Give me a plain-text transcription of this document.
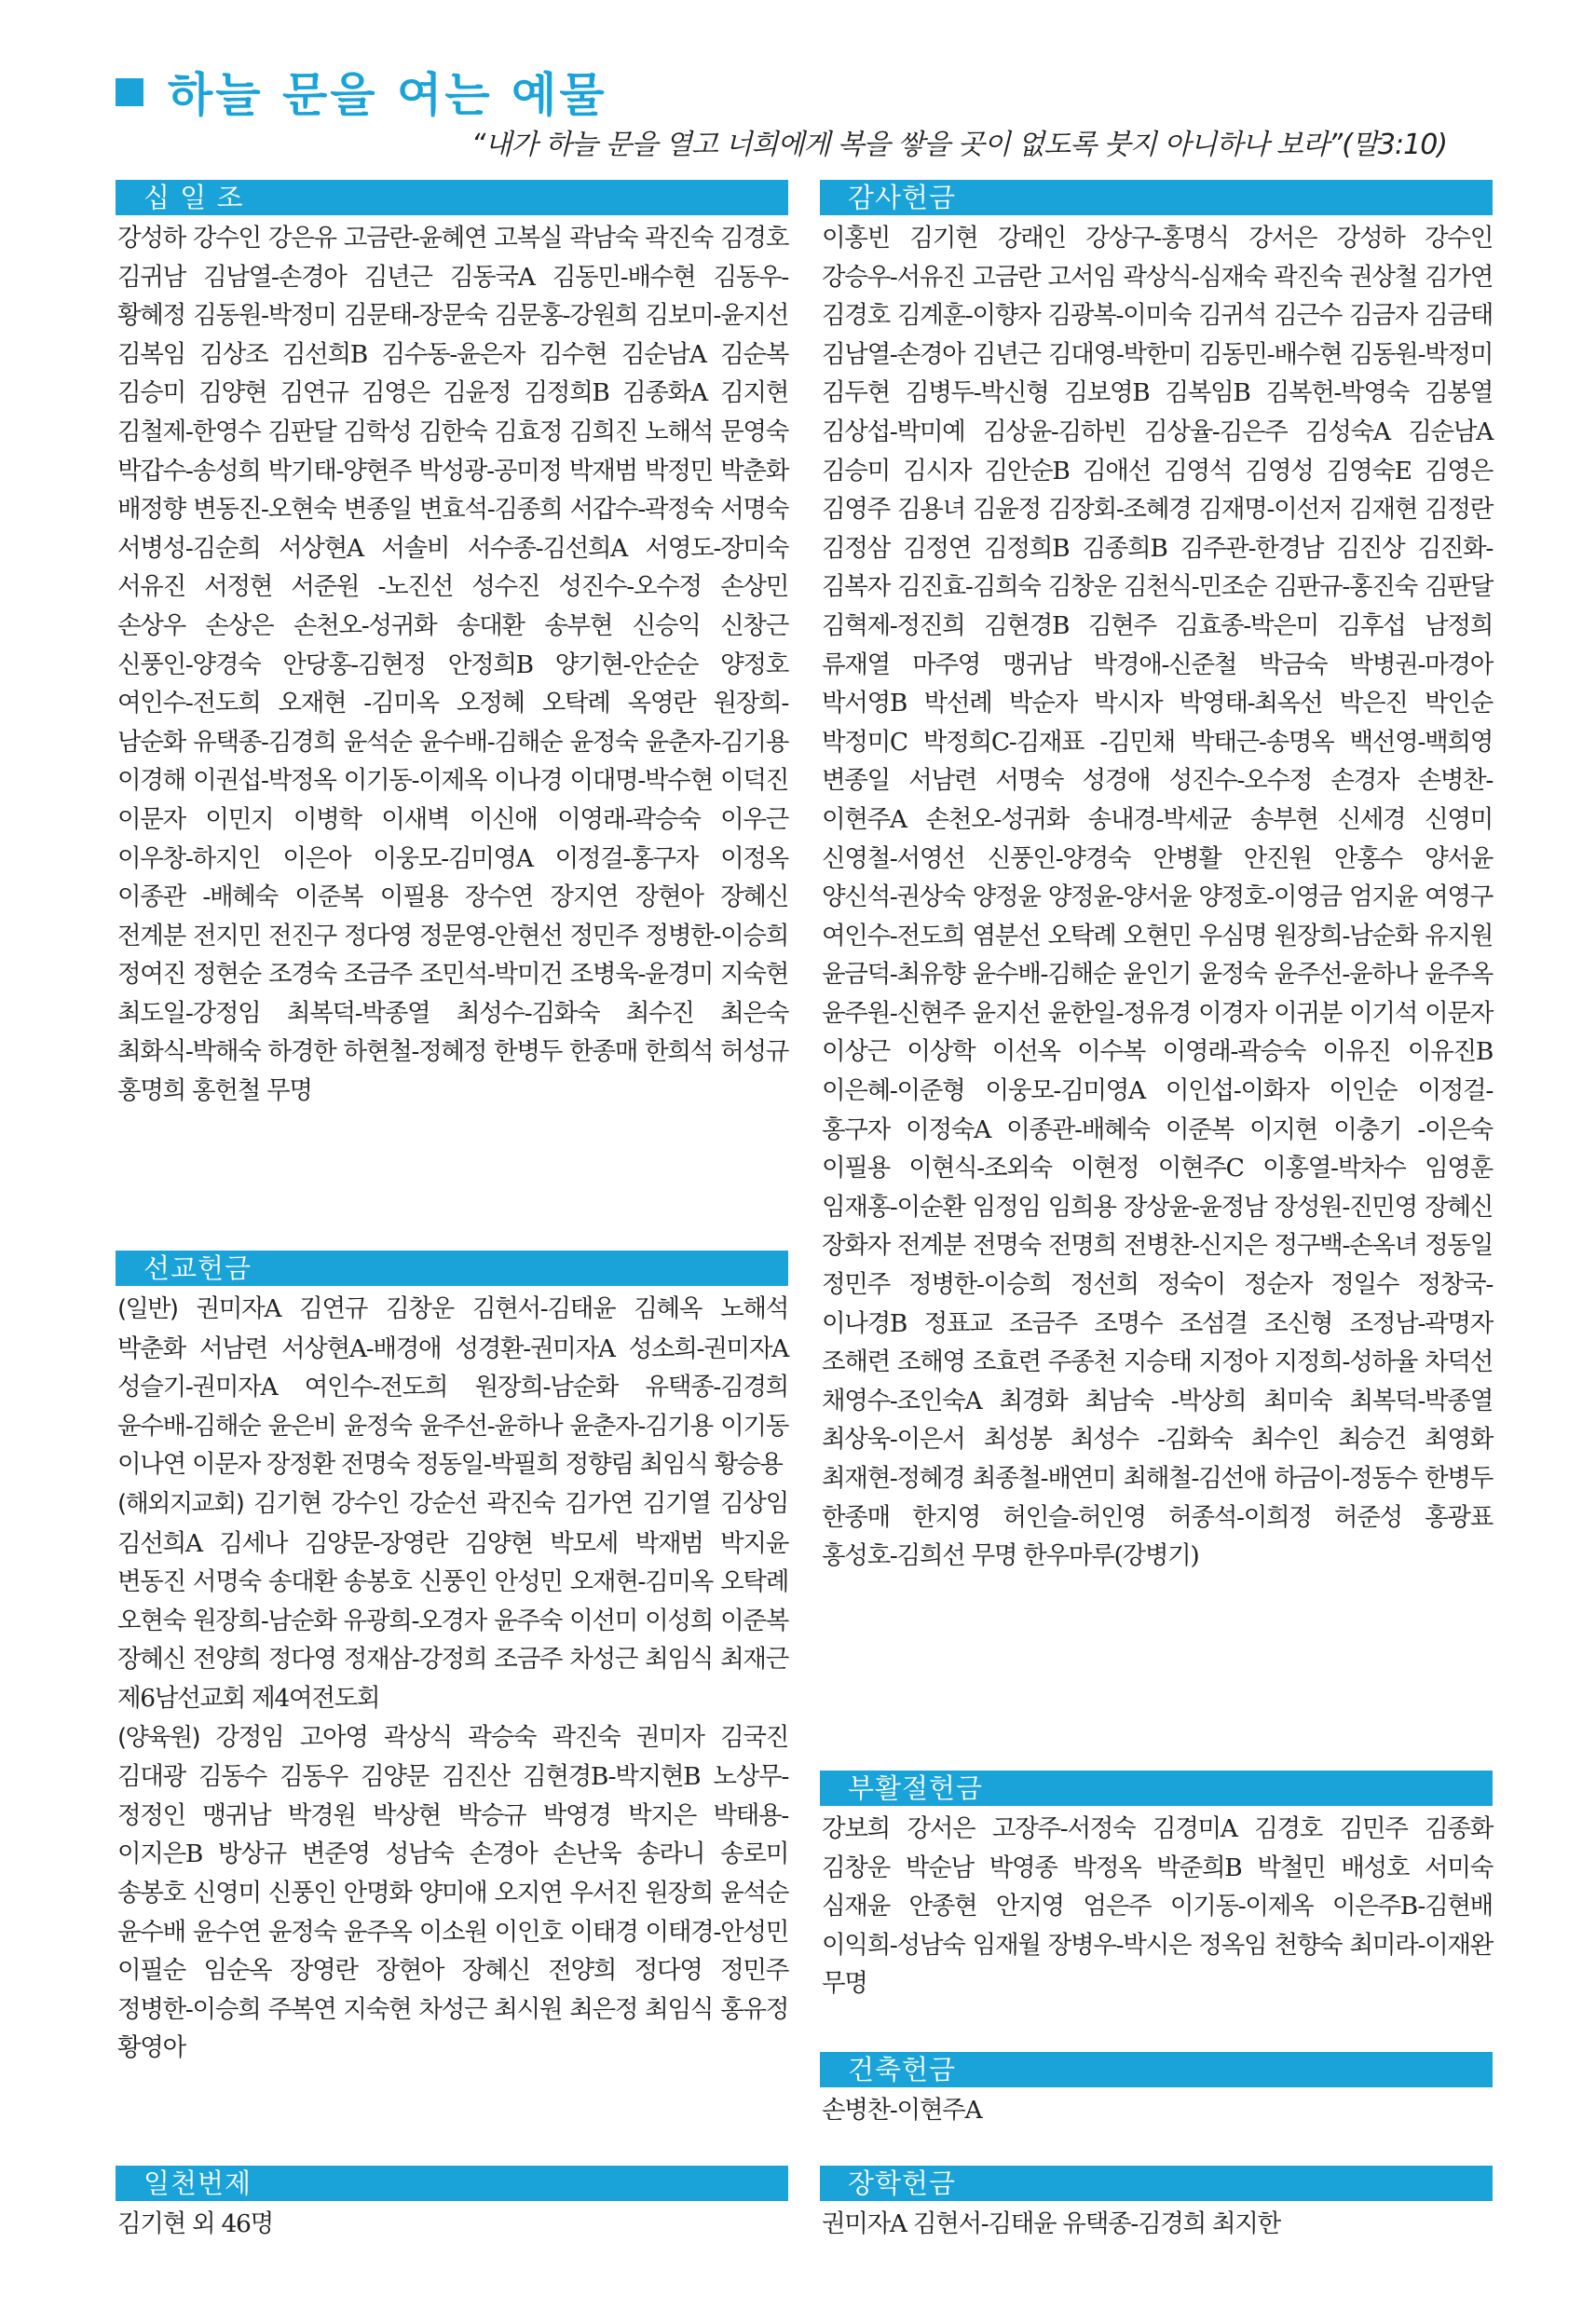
하늘 문을 여는 예물
“내가 하늘 문을 열고 너희에게 복을 쌓을 곳이 없도록 붓지 아니하나 보라”(말3:10)
십 일 조
강성하 강수인 강은유 고금란-윤혜연 고복실 곽남숙 곽진숙 김경호 김귀남 김남열-손경아 김년근 김동국A 김동민-배수현 김동우-황혜정 김동원-박정미 김문태-장문숙 김문홍-강원희 김보미-윤지선 김복임 김상조 김선희B 김수동-윤은자 김수현 김순남A 김순복 김승미 김양현 김연규 김영은 김윤정 김정희B 김종화A 김지현 김철제-한영수 김판달 김학성 김한숙 김효정 김희진 노해석 문영숙 박갑수-송성희 박기태-양현주 박성광-공미정 박재범 박정민 박춘화 배정향 변동진-오현숙 변종일 변효석-김종희 서갑수-곽정숙 서명숙 서병성-김순희 서상현A 서솔비 서수종-김선희A 서영도-장미숙 서유진 서정현 서준원 -노진선 성수진 성진수-오수정 손상민 손상우 손상은 손천오-성귀화 송대환 송부현 신승익 신창근 신풍인-양경숙 안당홍-김현정 안정희B 양기현-안순순 양정호 여인수-전도희 오재현 -김미옥 오정혜 오탁례 옥영란 원장희-남순화 유택종-김경희 윤석순 윤수배-김해순 윤정숙 윤춘자-김기용 이경해 이권섭-박정옥 이기동-이제옥 이나경 이대명-박수현 이덕진 이문자 이민지 이병학 이새벽 이신애 이영래-곽승숙 이우근 이우창-하지인 이은아 이웅모-김미영A 이정걸-홍구자 이정옥 이종관 -배혜숙 이준복 이필용 장수연 장지연 장현아 장혜신 전계분 전지민 전진구 정다영 정문영-안현선 정민주 정병한-이승희 정여진 정현순 조경숙 조금주 조민석-박미건 조병욱-윤경미 지숙현 최도일-강정임 최복덕-박종열 최성수-김화숙 최수진 최은숙 최화식-박해숙 하경한 하현철-정혜정 한병두 한종매 한희석 허성규 홍명희 홍헌철 무명
선교헌금
(일반) 권미자A 김연규 김창운 김현서-김태윤 김혜옥 노해석 박춘화 서남련 서상현A-배경애 성경환-권미자A 성소희-권미자A 성슬기-권미자A 여인수-전도희 원장희-남순화 유택종-김경희 윤수배-김해순 윤은비 윤정숙 윤주선-윤하나 윤춘자-김기용 이기동 이나연 이문자 장정환 전명숙 정동일-박필희 정향림 최임식 황승용
(해외지교회) 김기현 강수인 강순선 곽진숙 김가연 김기열 김상임 김선희A 김세나 김양문-장영란 김양현 박모세 박재범 박지윤 변동진 서명숙 송대환 송봉호 신풍인 안성민 오재현-김미옥 오탁례 오현숙 원장희-남순화 유광희-오경자 윤주숙 이선미 이성희 이준복 장혜신 전양희 정다영 정재삼-강정희 조금주 차성근 최임식 최재근 제6남선교회 제4여전도회
(양육원) 강정임 고아영 곽상식 곽승숙 곽진숙 권미자 김국진 김대광 김동수 김동우 김양문 김진산 김현경B-박지현B 노상무-정정인 맹귀남 박경원 박상현 박승규 박영경 박지은 박태용-이지은B 방상규 변준영 성남숙 손경아 손난욱 송라니 송로미 송봉호 신영미 신풍인 안명화 양미애 오지연 우서진 원장희 윤석순 윤수배 윤수연 윤정숙 윤주옥 이소원 이인호 이태경 이태경-안성민 이필순 임순옥 장영란 장현아 장혜신 전양희 정다영 정민주 정병한-이승희 주복연 지숙현 차성근 최시원 최은정 최임식 홍유정 황영아
일천번제
김기현 외 46명
감사헌금
이홍빈 김기현 강래인 강상구-홍명식 강서은 강성하 강수인 강승우-서유진 고금란 고서임 곽상식-심재숙 곽진숙 권상철 김가연 김경호 김계훈-이향자 김광복-이미숙 김귀석 김근수 김금자 김금태 김남열-손경아 김년근 김대영-박한미 김동민-배수현 김동원-박정미 김두현 김병두-박신형 김보영B 김복임B 김복헌-박영숙 김봉열 김상섭-박미예 김상윤-김하빈 김상율-김은주 김성숙A 김순남A 김승미 김시자 김안순B 김애선 김영석 김영성 김영숙E 김영은 김영주 김용녀 김윤정 김장회-조혜경 김재명-이선저 김재현 김정란 김정삼 김정연 김정희B 김종희B 김주관-한경남 김진상 김진화-김복자 김진효-김희숙 김창운 김천식-민조순 김판규-홍진숙 김판달 김혁제-정진희 김현경B 김현주 김효종-박은미 김후섭 남정희 류재열 마주영 맹귀남 박경애-신준철 박금숙 박병권-마경아 박서영B 박선례 박순자 박시자 박영태-최옥선 박은진 박인순 박정미C 박정희C-김재표 -김민채 박태근-송명옥 백선영-백희영 변종일 서남련 서명숙 성경애 성진수-오수정 손경자 손병찬-이현주A 손천오-성귀화 송내경-박세균 송부현 신세경 신영미 신영철-서영선 신풍인-양경숙 안병활 안진원 안홍수 양서윤 양신석-권상숙 양정윤 양정윤-양서윤 양정호-이영금 엄지윤 여영구 여인수-전도희 염분선 오탁례 오현민 우심명 원장희-남순화 유지원 윤금덕-최유향 윤수배-김해순 윤인기 윤정숙 윤주선-윤하나 윤주옥 윤주원-신현주 윤지선 윤한일-정유경 이경자 이귀분 이기석 이문자 이상근 이상학 이선옥 이수복 이영래-곽승숙 이유진 이유진B 이은혜-이준형 이웅모-김미영A 이인섭-이화자 이인순 이정걸-홍구자 이정숙A 이종관-배혜숙 이준복 이지현 이충기 -이은숙 이필용 이현식-조외숙 이현정 이현주C 이홍열-박차수 임영훈 임재홍-이순환 임정임 임희용 장상윤-윤정남 장성원-진민영 장혜신 장화자 전계분 전명숙 전명희 전병찬-신지은 정구백-손옥녀 정동일 정민주 정병한-이승희 정선희 정숙이 정순자 정일수 정창국-이나경B 정표교 조금주 조명수 조섬결 조신형 조정남-곽명자 조해련 조해영 조효련 주종천 지승태 지정아 지정희-성하율 차덕선 채영수-조인숙A 최경화 최남숙 -박상희 최미숙 최복덕-박종열 최상욱-이은서 최성봉 최성수 -김화숙 최수인 최승건 최영화 최재현-정혜경 최종철-배연미 최해철-김선애 하금이-정동수 한병두 한종매 한지영 허인슬-허인영 허종석-이희정 허준성 홍광표 홍성호-김희선 무명 한우마루(강병기)
부활절헌금
강보희 강서은 고장주-서정숙 김경미A 김경호 김민주 김종화 김창운 박순남 박영종 박정옥 박준희B 박철민 배성호 서미숙 심재윤 안종현 안지영 엄은주 이기동-이제옥 이은주B-김현배 이익희-성남숙 임재월 장병우-박시은 정옥임 천향숙 최미라-이재완 무명
건축헌금
손병찬-이현주A
장학헌금
권미자A 김현서-김태윤 유택종-김경희 최지한
